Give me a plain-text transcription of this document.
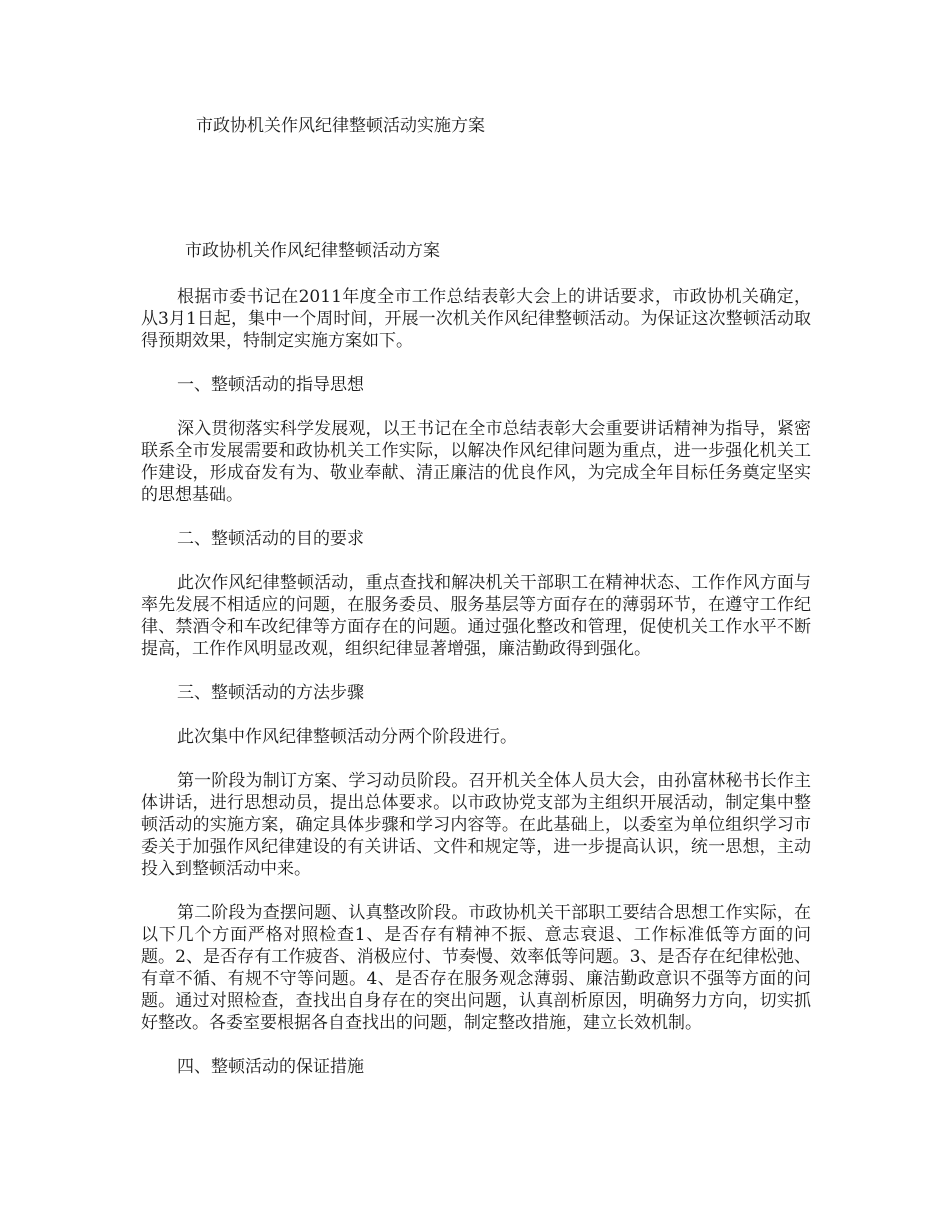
市政协机关作风纪律整顿活动实施方案
市政协机关作风纪律整顿活动方案

根据市委书记在2011年度全市工作总结表彰大会上的讲话要求，市政协机关确定，从3月1日起，集中一个周时间，开展一次机关作风纪律整顿活动。为保证这次整顿活动取得预期效果，特制定实施方案如下。

一、整顿活动的指导思想

深入贯彻落实科学发展观，以王书记在全市总结表彰大会重要讲话精神为指导，紧密联系全市发展需要和政协机关工作实际，以解决作风纪律问题为重点，进一步强化机关工作建设，形成奋发有为、敬业奉献、清正廉洁的优良作风，为完成全年目标任务奠定坚实的思想基础。

二、整顿活动的目的要求

此次作风纪律整顿活动，重点查找和解决机关干部职工在精神状态、工作作风方面与率先发展不相适应的问题，在服务委员、服务基层等方面存在的薄弱环节，在遵守工作纪律、禁酒令和车改纪律等方面存在的问题。通过强化整改和管理，促使机关工作水平不断提高，工作作风明显改观，组织纪律显著增强，廉洁勤政得到强化。

三、整顿活动的方法步骤

此次集中作风纪律整顿活动分两个阶段进行。

第一阶段为制订方案、学习动员阶段。召开机关全体人员大会，由孙富林秘书长作主体讲话，进行思想动员，提出总体要求。以市政协党支部为主组织开展活动，制定集中整顿活动的实施方案，确定具体步骤和学习内容等。在此基础上，以委室为单位组织学习市委关于加强作风纪律建设的有关讲话、文件和规定等，进一步提高认识，统一思想，主动投入到整顿活动中来。

第二阶段为查摆问题、认真整改阶段。市政协机关干部职工要结合思想工作实际，在以下几个方面严格对照检查1、是否存有精神不振、意志衰退、工作标准低等方面的问题。2、是否存有工作疲沓、消极应付、节奏慢、效率低等问题。3、是否存在纪律松弛、有章不循、有规不守等问题。4、是否存在服务观念薄弱、廉洁勤政意识不强等方面的问题。通过对照检查，查找出自身存在的突出问题，认真剖析原因，明确努力方向，切实抓好整改。各委室要根据各自查找出的问题，制定整改措施，建立长效机制。

四、整顿活动的保证措施
